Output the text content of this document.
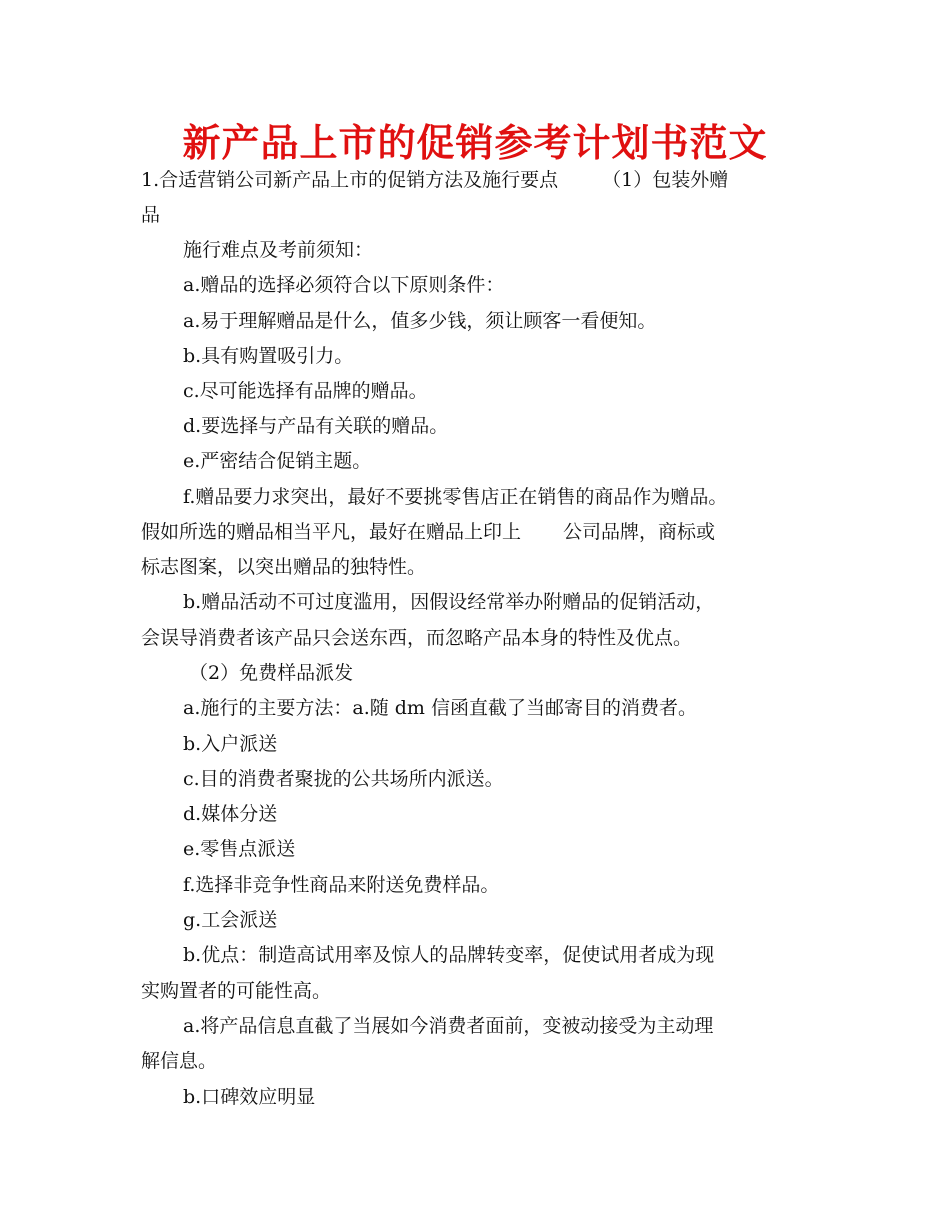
新产品上市的促销参考计划书范文
1.合适营销公司新产品上市的促销方法及施行要点 （1）包装外赠
品
施行难点及考前须知：
a.赠品的选择必须符合以下原则条件：
a.易于理解赠品是什么，值多少钱，须让顾客一看便知。
b.具有购置吸引力。
c.尽可能选择有品牌的赠品。
d.要选择与产品有关联的赠品。
e.严密结合促销主题。
f.赠品要力求突出，最好不要挑零售店正在销售的商品作为赠品。
假如所选的赠品相当平凡，最好在赠品上印上 公司品牌，商标或
标志图案，以突出赠品的独特性。
b.赠品活动不可过度滥用，因假设经常举办附赠品的促销活动，
会误导消费者该产品只会送东西，而忽略产品本身的特性及优点。
（2）免费样品派发
a.施行的主要方法：a.随 dm 信函直截了当邮寄目的消费者。
b.入户派送
c.目的消费者聚拢的公共场所内派送。
d.媒体分送
e.零售点派送
f.选择非竞争性商品来附送免费样品。
g.工会派送
b.优点：制造高试用率及惊人的品牌转变率，促使试用者成为现
实购置者的可能性高。
a.将产品信息直截了当展如今消费者面前，变被动接受为主动理
解信息。
b.口碑效应明显
